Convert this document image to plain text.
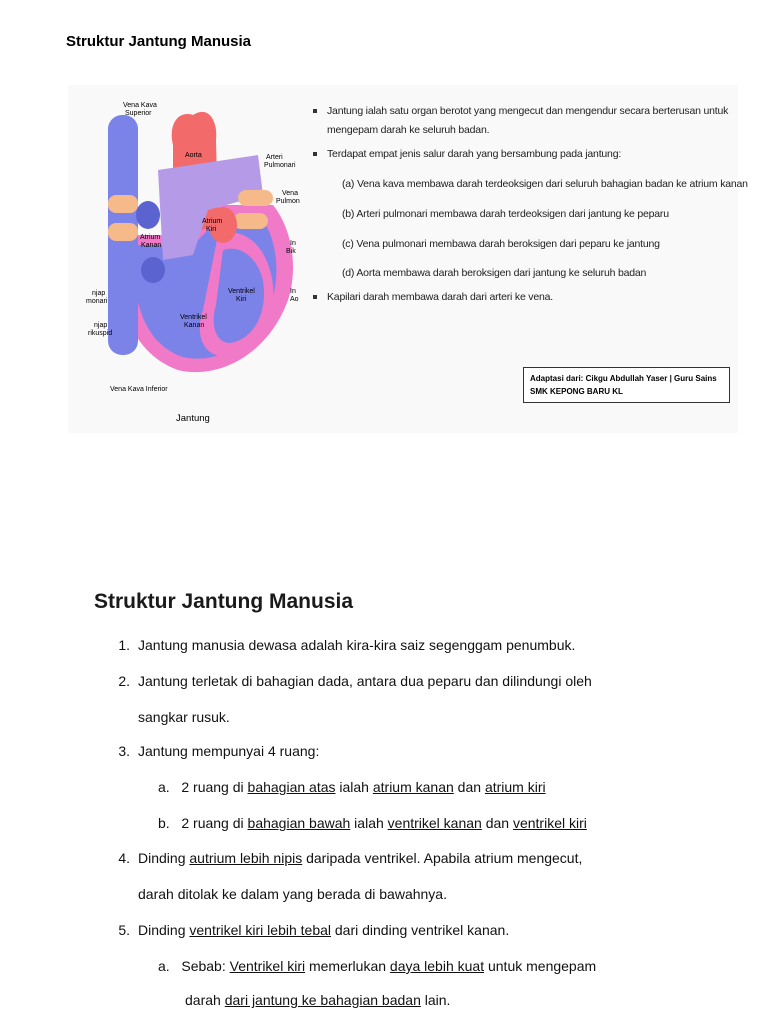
Struktur Jantung Manusia
Vena Kava
Superior
Aorta	Arteri
Pulmonari
Vena
Pulmon
Atrium
Kiri
Atrium
Kanan	In
Bik
njap
monari
In
Ao
Ventrikel
Kiri
Ventrikel
Kanan
njap
rikuspid
Vena Kava Inferior
Jantung
Jantung ialah satu organ berotot yang mengecut dan mengendur secara berterusan untuk
mengepam darah ke seluruh badan.
Terdapat empat jenis salur darah yang bersambung pada jantung:
(a) Vena kava membawa darah terdeoksigen dari seluruh bahagian badan ke atrium kanan
(b) Arteri pulmonari membawa darah terdeoksigen dari jantung ke peparu
(c) Vena pulmonari membawa darah beroksigen dari peparu ke jantung
(d) Aorta membawa darah beroksigen dari jantung ke seluruh badan
Kapilari darah membawa darah dari arteri ke vena.
Adaptasi dari: Cikgu Abdullah Yaser | Guru Sains
SMK KEPONG BARU KL
Struktur Jantung Manusia
1. Jantung manusia dewasa adalah kira-kira saiz segenggam penumbuk.
2. Jantung terletak di bahagian dada, antara dua peparu dan dilindungi oleh
sangkar rusuk.
3. Jantung mempunyai 4 ruang:
a. 2 ruang di bahagian atas ialah atrium kanan dan atrium kiri
b. 2 ruang di bahagian bawah ialah ventrikel kanan dan ventrikel kiri
4. Dinding autrium lebih nipis daripada ventrikel. Apabila atrium mengecut,
darah ditolak ke dalam yang berada di bawahnya.
5. Dinding ventrikel kiri lebih tebal dari dinding ventrikel kanan.
a. Sebab: Ventrikel kiri memerlukan daya lebih kuat untuk mengepam
darah dari jantung ke bahagian badan lain.
